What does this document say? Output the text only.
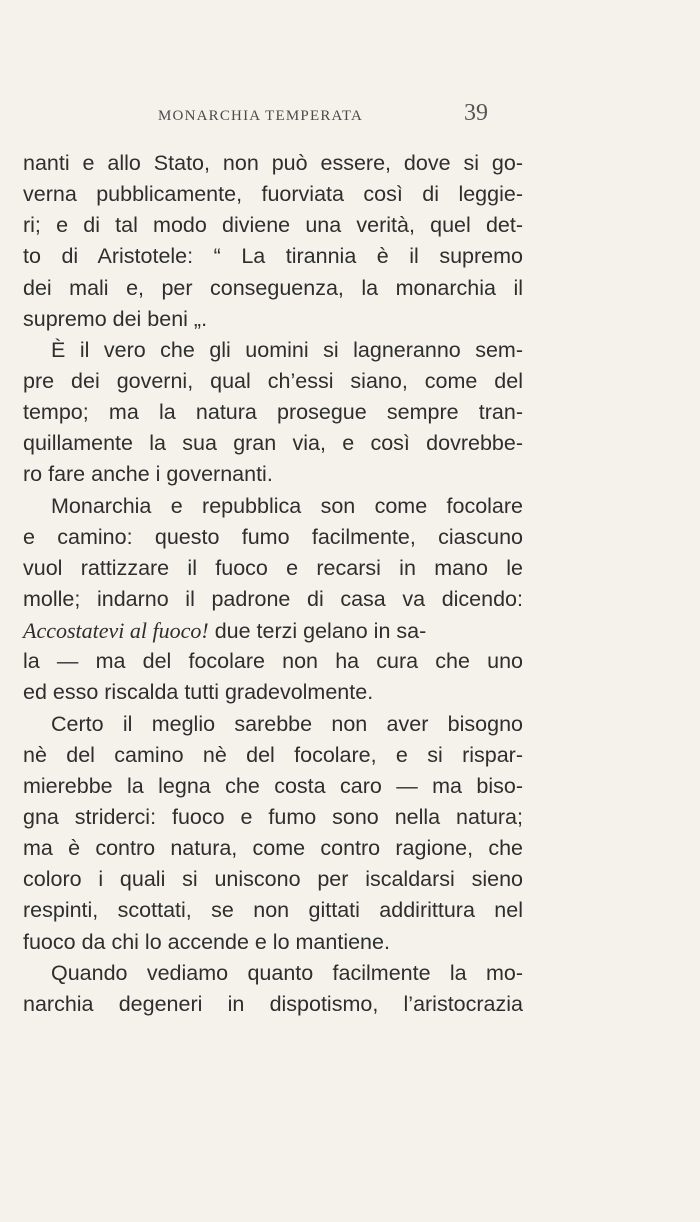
MONARCHIA TEMPERATA	39
nanti e allo Stato, non può essere, dove si go-
verna pubblicamente, fuorviata così di leggie-
ri; e di tal modo diviene una verità, quel det-
to di Aristotele: “ La tirannia è il supremo
dei mali e, per conseguenza, la monarchia il
supremo dei beni „.
È il vero che gli uomini si lagneranno sem-
pre dei governi, qual ch’essi siano, come del
tempo; ma la natura prosegue sempre tran-
quillamente la sua gran via, e così dovrebbe-
ro fare anche i governanti.
Monarchia e repubblica son come focolare
e camino: questo fumo facilmente, ciascuno
vuol rattizzare il fuoco e recarsi in mano le
molle; indarno il padrone di casa va dicendo:
Accostatevi al fuoco! due terzi gelano in sa-
la — ma del focolare non ha cura che uno
ed esso riscalda tutti gradevolmente.
Certo il meglio sarebbe non aver bisogno
nè del camino nè del focolare, e si rispar-
mierebbe la legna che costa caro — ma biso-
gna striderci: fuoco e fumo sono nella natura;
ma è contro natura, come contro ragione, che
coloro i quali si uniscono per iscaldarsi sieno
respinti, scottati, se non gittati addirittura nel
fuoco da chi lo accende e lo mantiene.
Quando vediamo quanto facilmente la mo-
narchia degeneri in dispotismo, l’aristocrazia
